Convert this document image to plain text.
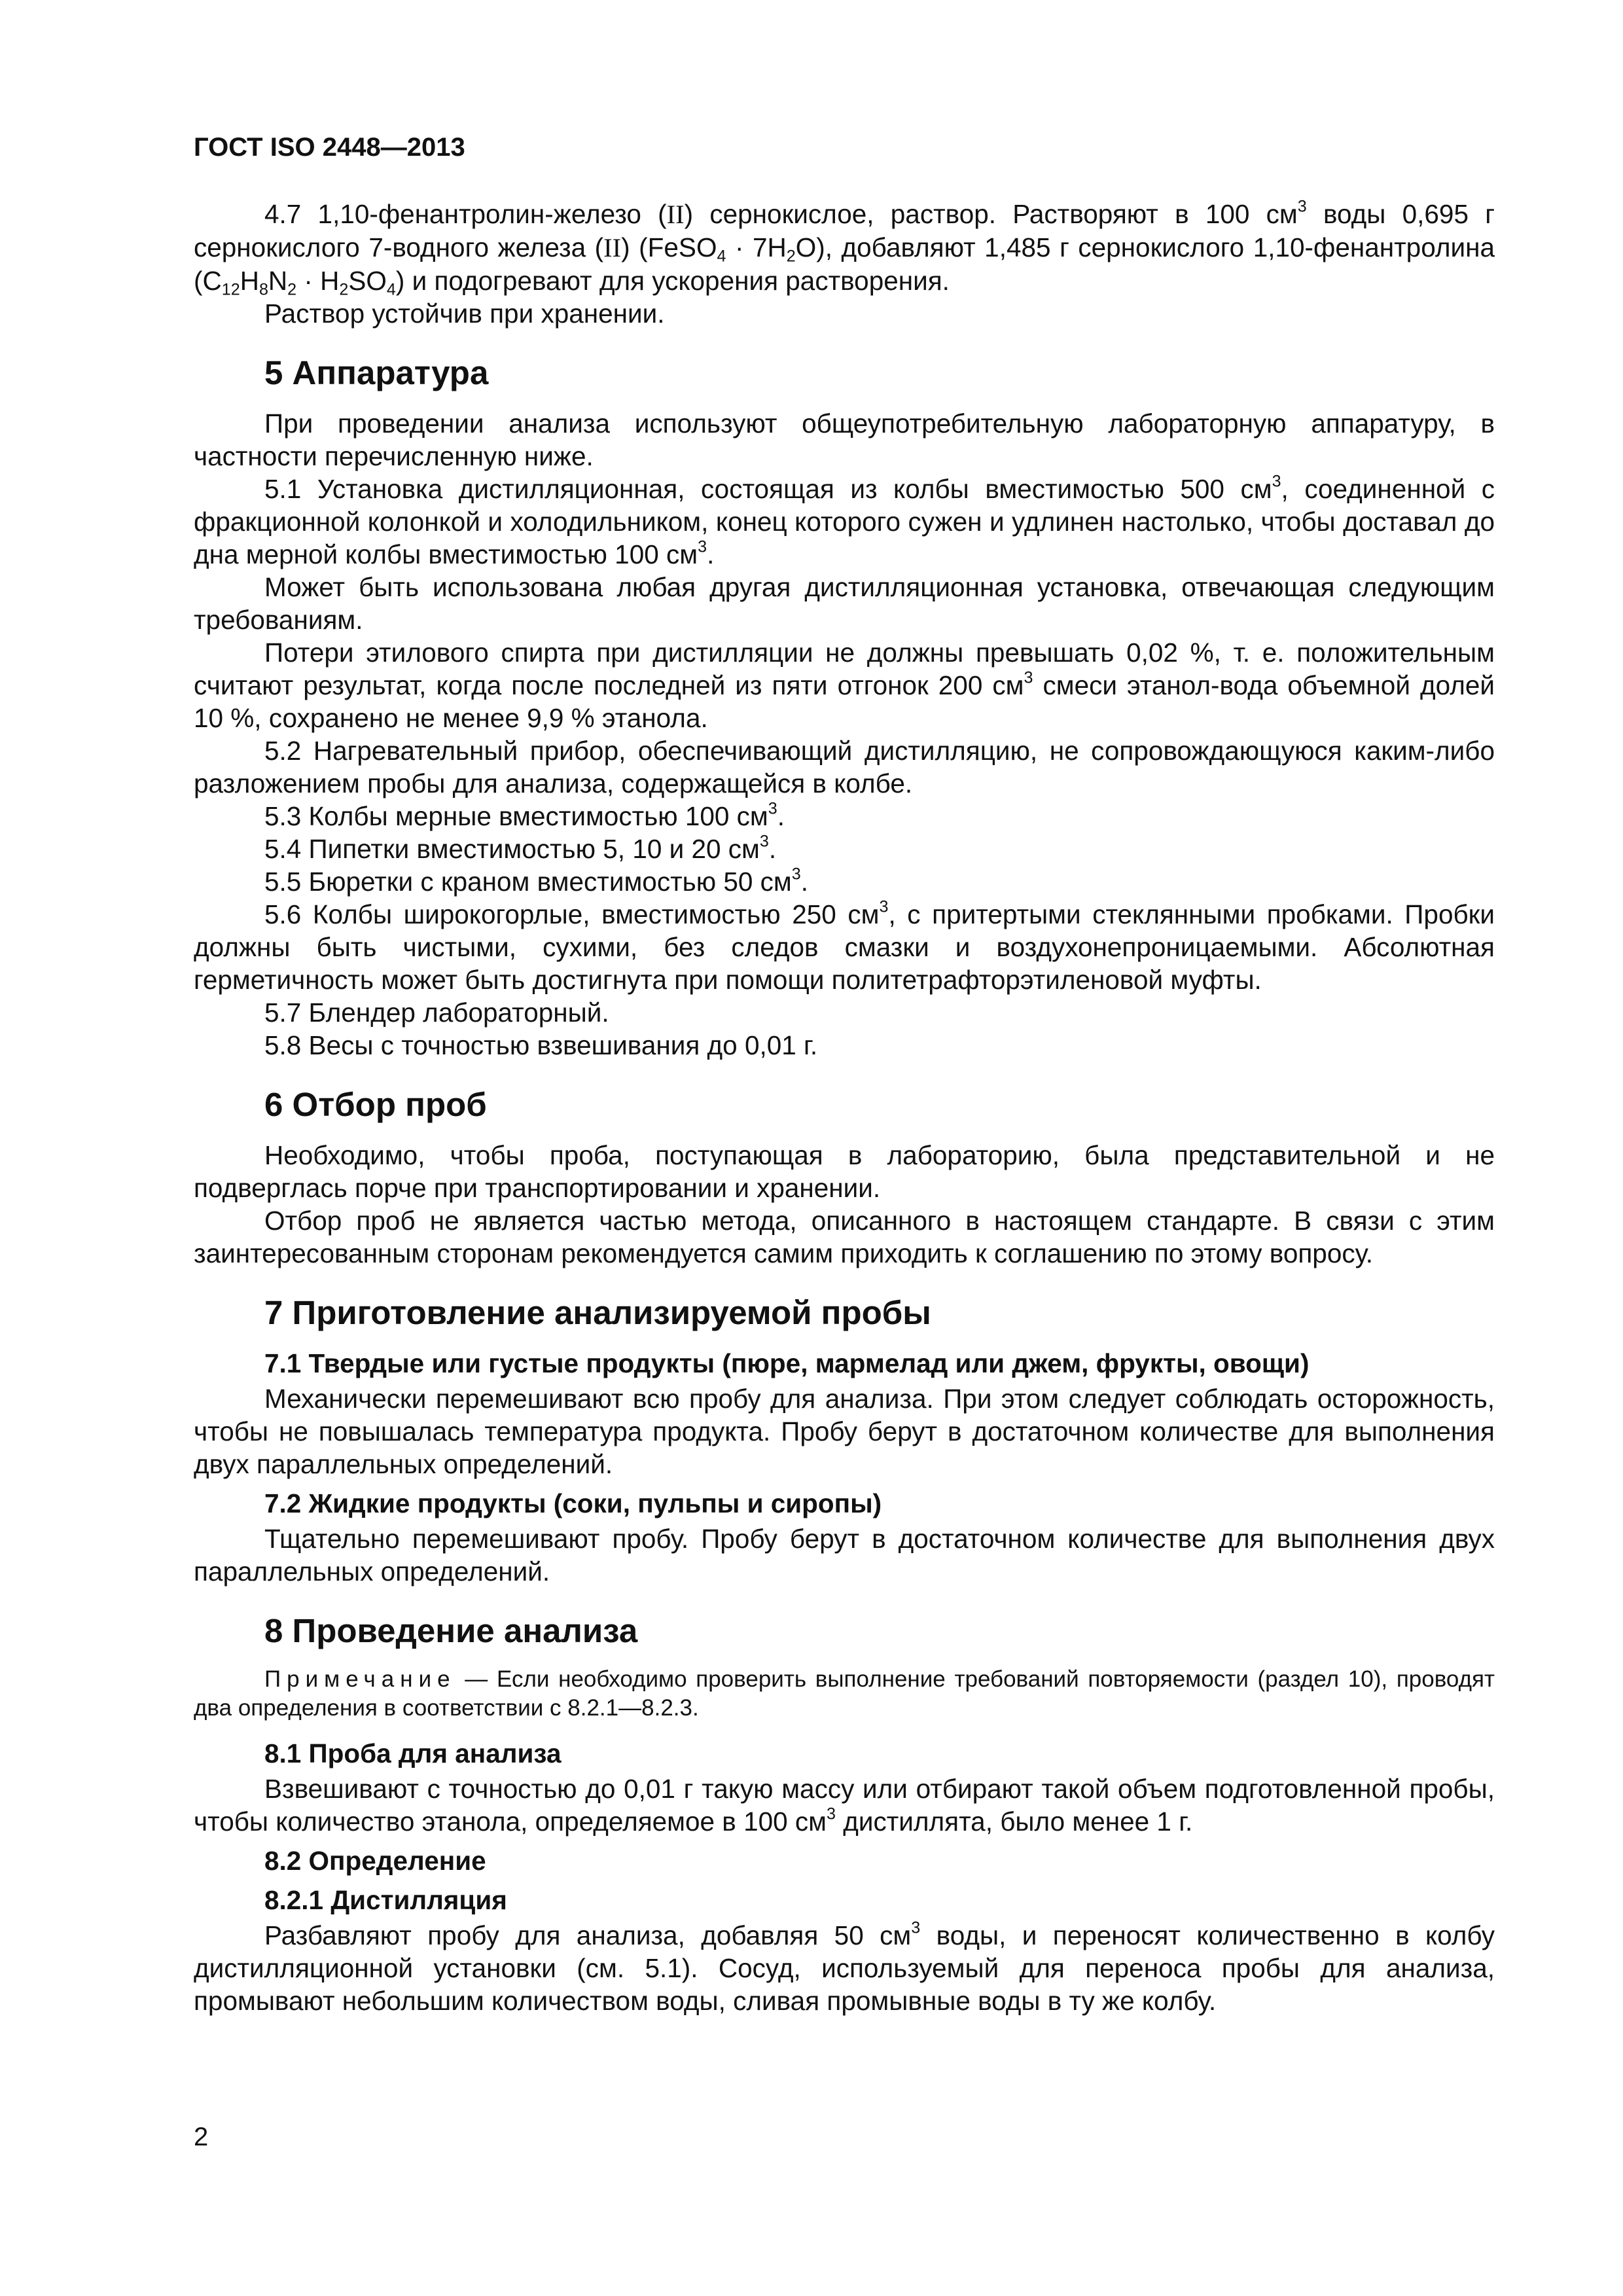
ГОСТ ISO 2448—2013

4.7 1,10-фенантролин-железо (II) сернокислое, раствор. Растворяют в 100 $см^3$ воды 0,695 г сернокислого 7-водного железа (II) (FeSO$_4$ · $7H_2O$), добавляют 1,485 г сернокислого 1,10-фенантролина $(C_{12}H_8N_2 \cdot H_2SO_4)$ и подогревают для ускорения растворения.

Раствор устойчив при хранении.

5 Аппаратура

При проведении анализа используют общеупотребительную лабораторную аппаратуру, в частности перечисленную ниже.

5.1 Установка дистилляционная, состоящая из колбы вместимостью 500 $см^3$, соединенной с фракционной колонкой и холодильником, конец которого сужен и удлинен настолько, чтобы доставал до дна мерной колбы вместимостью 100 $см^3$.

Может быть использована любая другая дистилляционная установка, отвечающая следующим требованиям.

Потери этилового спирта при дистилляции не должны превышать 0,02 %, т. е. положительным считают результат, когда после последней из пяти отгонок 200 $см^3$ смеси этанол-вода объемной долей 10 %, сохранено не менее 9,9 % этанола.

5.2 Нагревательный прибор, обеспечивающий дистилляцию, не сопровождающуюся каким-либо разложением пробы для анализа, содержащейся в колбе.

5.3 Колбы мерные вместимостью 100 $см^3$.

5.4 Пипетки вместимостью 5, 10 и 20 $см^3$.

5.5 Бюретки с краном вместимостью 50 $см^3$.

5.6 Колбы широкогорлые, вместимостью 250 $см^3$, с притертыми стеклянными пробками. Пробки должны быть чистыми, сухими, без следов смазки и воздухонепроницаемыми. Абсолютная герметичность может быть достигнута при помощи политетрафторэтиленовой муфты.

5.7 Блендер лабораторный.

5.8 Весы с точностью взвешивания до 0,01 г.

6 Отбор проб

Необходимо, чтобы проба, поступающая в лабораторию, была представительной и не подверглась порче при транспортировании и хранении.

Отбор проб не является частью метода, описанного в настоящем стандарте. В связи с этим заинтересованным сторонам рекомендуется самим приходить к соглашению по этому вопросу.

7 Приготовление анализируемой пробы
7.1 Твердые или густые продукты (пюре, мармелад или джем, фрукты, овощи)

Механически перемешивают всю пробу для анализа. При этом следует соблюдать осторожность, чтобы не повышалась температура продукта. Пробу берут в достаточном количестве для выполнения двух параллельных определений.

7.2 Жидкие продукты (соки, пульпы и сиропы)

Тщательно перемешивают пробу. Пробу берут в достаточном количестве для выполнения двух параллельных определений.

8 Проведение анализа

Примечание — Если необходимо проверить выполнение требований повторяемости (раздел 10), проводят два определения в соответствии с 8.2.1—8.2.3.

8.1 Проба для анализа

Взвешивают с точностью до 0,01 г такую массу или отбирают такой объем подготовленной пробы, чтобы количество этанола, определяемое в 100 $см^3$ дистиллята, было менее 1 г.

8.2 Определение
8.2.1 Дистилляция

Разбавляют пробу для анализа, добавляя 50 $см^3$ воды, и переносят количественно в колбу дистилляционной установки (см. 5.1). Сосуд, используемый для переноса пробы для анализа, промывают небольшим количеством воды, сливая промывные воды в ту же колбу.

2
